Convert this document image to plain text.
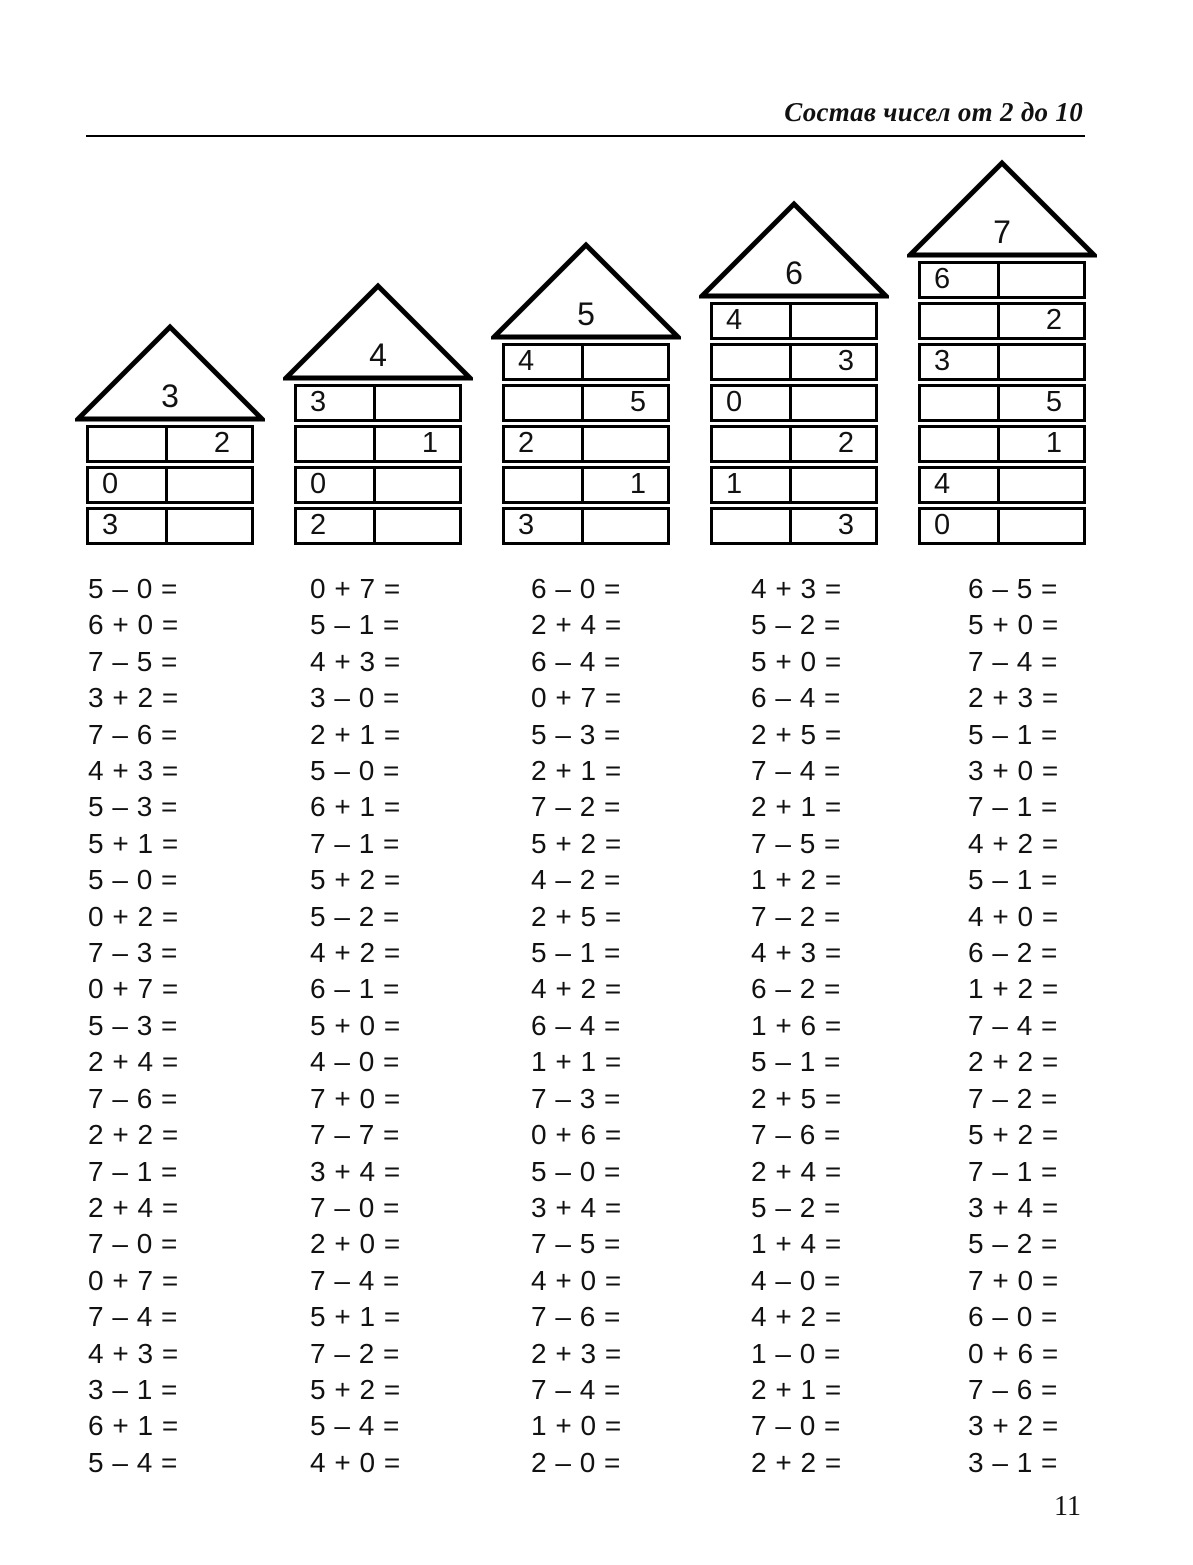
Состав чисел от 2 до 10
3
2
0
3
4
3
1
0
2
5
4
5
2
1
3
6
4
3
0
2
1
3
7
6
2
3
5
1
4
0
5 – 0 =
6 + 0 =
7 – 5 =
3 + 2 =
7 – 6 =
4 + 3 =
5 – 3 =
5 + 1 =
5 – 0 =
0 + 2 =
7 – 3 =
0 + 7 =
5 – 3 =
2 + 4 =
7 – 6 =
2 + 2 =
7 – 1 =
2 + 4 =
7 – 0 =
0 + 7 =
7 – 4 =
4 + 3 =
3 – 1 =
6 + 1 =
5 – 4 =
0 + 7 =
5 – 1 =
4 + 3 =
3 – 0 =
2 + 1 =
5 – 0 =
6 + 1 =
7 – 1 =
5 + 2 =
5 – 2 =
4 + 2 =
6 – 1 =
5 + 0 =
4 – 0 =
7 + 0 =
7 – 7 =
3 + 4 =
7 – 0 =
2 + 0 =
7 – 4 =
5 + 1 =
7 – 2 =
5 + 2 =
5 – 4 =
4 + 0 =
6 – 0 =
2 + 4 =
6 – 4 =
0 + 7 =
5 – 3 =
2 + 1 =
7 – 2 =
5 + 2 =
4 – 2 =
2 + 5 =
5 – 1 =
4 + 2 =
6 – 4 =
1 + 1 =
7 – 3 =
0 + 6 =
5 – 0 =
3 + 4 =
7 – 5 =
4 + 0 =
7 – 6 =
2 + 3 =
7 – 4 =
1 + 0 =
2 – 0 =
4 + 3 =
5 – 2 =
5 + 0 =
6 – 4 =
2 + 5 =
7 – 4 =
2 + 1 =
7 – 5 =
1 + 2 =
7 – 2 =
4 + 3 =
6 – 2 =
1 + 6 =
5 – 1 =
2 + 5 =
7 – 6 =
2 + 4 =
5 – 2 =
1 + 4 =
4 – 0 =
4 + 2 =
1 – 0 =
2 + 1 =
7 – 0 =
2 + 2 =
6 – 5 =
5 + 0 =
7 – 4 =
2 + 3 =
5 – 1 =
3 + 0 =
7 – 1 =
4 + 2 =
5 – 1 =
4 + 0 =
6 – 2 =
1 + 2 =
7 – 4 =
2 + 2 =
7 – 2 =
5 + 2 =
7 – 1 =
3 + 4 =
5 – 2 =
7 + 0 =
6 – 0 =
0 + 6 =
7 – 6 =
3 + 2 =
3 – 1 =
11
